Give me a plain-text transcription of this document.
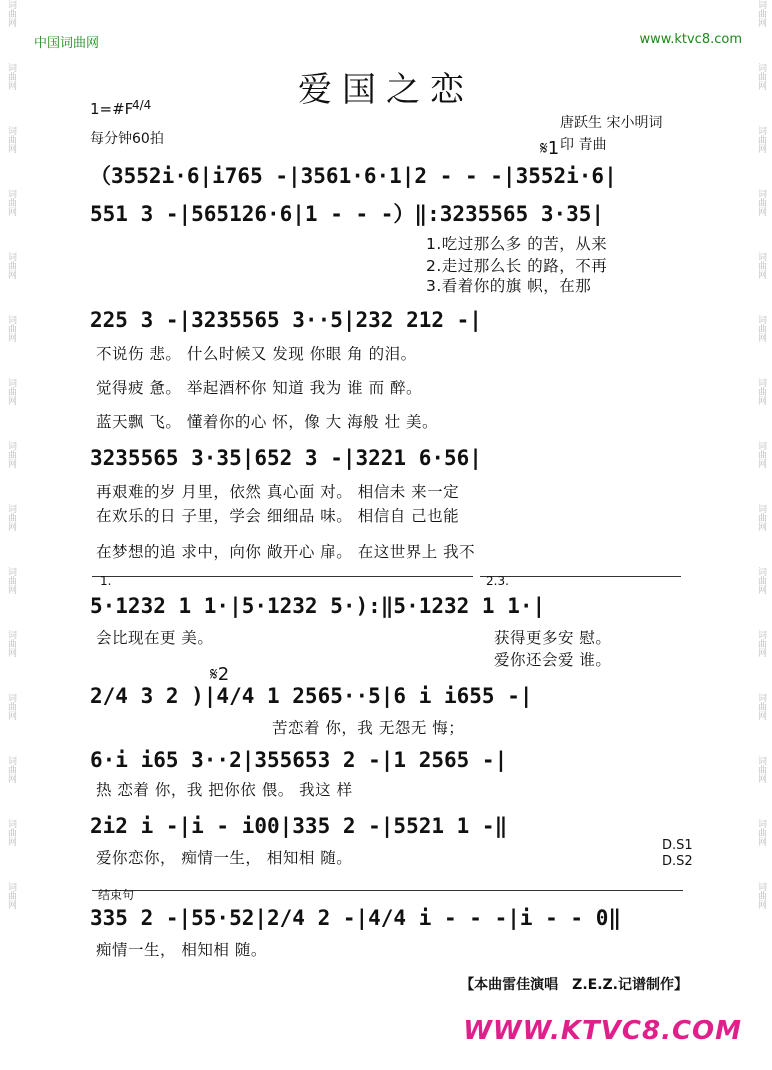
词曲网
词曲网
词曲网
词曲网
词曲网
词曲网
词曲网
词曲网
词曲网
词曲网
词曲网
词曲网
词曲网
词曲网
词曲网
词曲网
词曲网
词曲网
词曲网
词曲网
词曲网
词曲网
词曲网
词曲网
词曲网
词曲网
词曲网
词曲网
词曲网
词曲网
中国词曲网	www.ktvc8.com
爱国之恋
1=#F
4/4
每分钟60拍
唐跃生 宋小明词
印 青曲
（3552i·6|i765 -|3561·6·1|2 - - -|3552i·6|
551 3 -|565126·6|1 - - -）‖:3235565 3·35|
1.吃过那么多 的苦，从来
2.走过那么长 的路，不再
3.看着你的旗 帜，在那
225 3 -|3235565 3··5|232 212 -|
不说伤 悲。 什么时候又 发现 你眼 角 的泪。
觉得疲 惫。 举起酒杯你 知道 我为 谁 而 醉。
蓝天飘 飞。 懂着你的心 怀，像 大 海般 壮 美。
3235565 3·35|652 3 -|3221 6·56|
再艰难的岁 月里，依然 真心面 对。 相信未 来一定
在欢乐的日 子里，学会 细细品 味。 相信自 己也能
在梦想的追 求中，向你 敞开心 扉。 在这世界上 我不
1.	2.3.
5·1232 1 1·|5·1232 5·):‖5·1232 1 1·|
会比现在更 美。	获得更多安 慰。
爱你还会爱 谁。
𝄋2
𝄋1
2/4 3 2 )|4/4 1 2565··5|6 i i655 -|
苦恋着 你，我 无怨无 悔；
6·i i65 3··2|355653 2 -|1 2565 -|
热 恋着 你，我 把你依 偎。 我这 样
2i2 i -|i - i00|335 2 -|5521 1 -‖
爱你恋你， 痴情一生， 相知相 随。
D.S1
D.S2
结束句
335 2 -|55·52|2/4 2 -|4/4 i - - -|i - - 0‖
痴情一生， 相知相 随。
【本曲雷佳演唱　Z.E.Z.记谱制作】
WWW.KTVC8.COM
